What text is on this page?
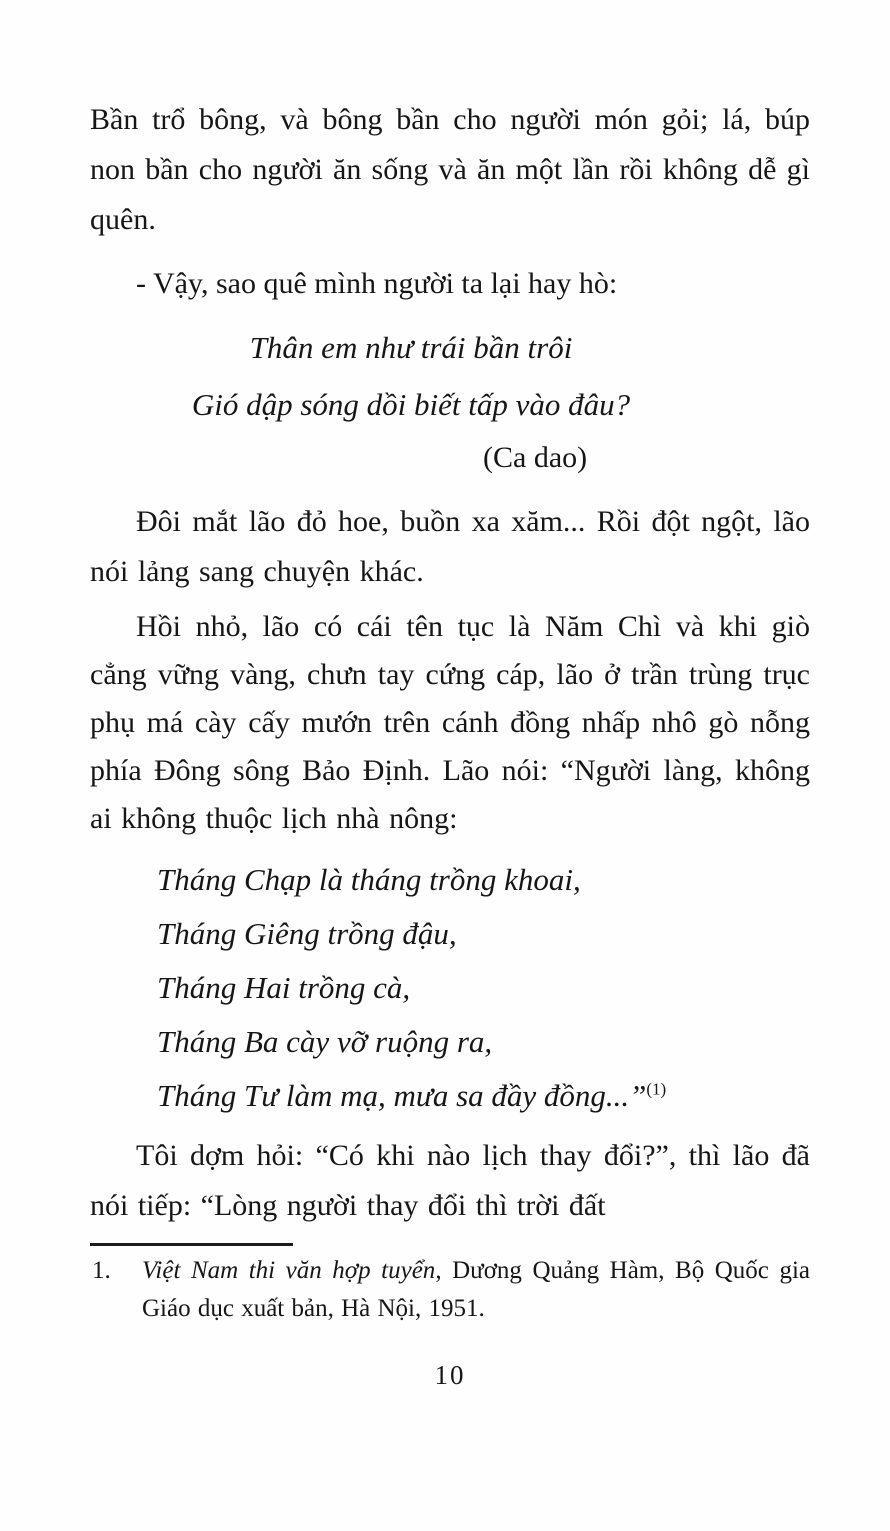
Bần trổ bông, và bông bần cho người món gỏi; lá, búp non bần cho người ăn sống và ăn một lần rồi không dễ gì quên.

- Vậy, sao quê mình người ta lại hay hò:

Thân em như trái bần trôi
Gió dập sóng dồi biết tấp vào đâu?
(Ca dao)

Đôi mắt lão đỏ hoe, buồn xa xăm... Rồi đột ngột, lão nói lảng sang chuyện khác.

Hồi nhỏ, lão có cái tên tục là Năm Chì và khi giò cẳng vững vàng, chưn tay cứng cáp, lão ở trần trùng trục phụ má cày cấy mướn trên cánh đồng nhấp nhô gò nỗng phía Đông sông Bảo Định. Lão nói: “Người làng, không ai không thuộc lịch nhà nông:

Tháng Chạp là tháng trồng khoai,
Tháng Giêng trồng đậu,
Tháng Hai trồng cà,
Tháng Ba cày vỡ ruộng ra,
Tháng Tư làm mạ, mưa sa đầy đồng...”$^{(1)}$

Tôi dợm hỏi: “Có khi nào lịch thay đổi?”, thì lão đã nói tiếp: “Lòng người thay đổi thì trời đất

1. Việt Nam thi văn hợp tuyển, Dương Quảng Hàm, Bộ Quốc gia Giáo dục xuất bản, Hà Nội, 1951.
10
